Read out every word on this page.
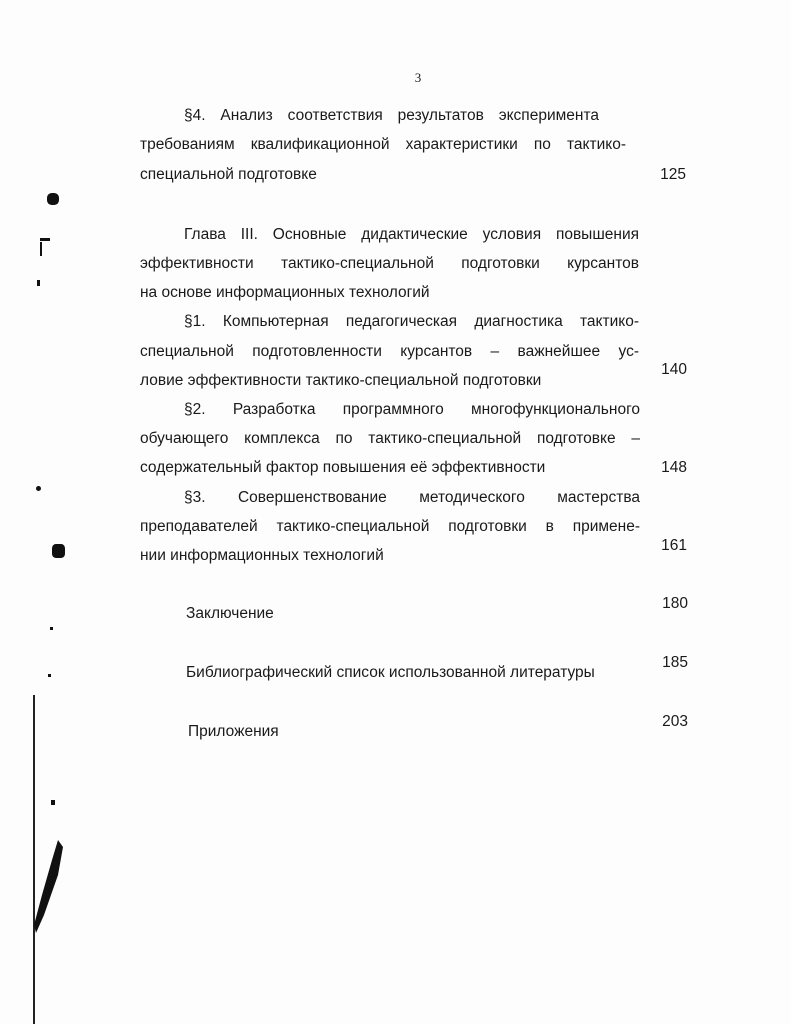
3
§4. Анализ соответствия результатов эксперимента
требованиям квалификационной характеристики по тактико-
специальной подготовке	125
Глава III. Основные дидактические условия повышения
эффективности тактико-специальной подготовки курсантов
на основе информационных технологий
§1. Компьютерная педагогическая диагностика тактико-
специальной подготовленности курсантов – важнейшее ус-
ловие эффективности тактико-специальной подготовки
140
§2. Разработка программного многофункционального
обучающего комплекса по тактико-специальной подготовке –
содержательный фактор повышения её эффективности	148
§3. Совершенствование методического мастерства
преподавателей тактико-специальной подготовки в примене-
нии информационных технологий
161
Заключение
180
Библиографический список использованной литературы
185
Приложения
203
